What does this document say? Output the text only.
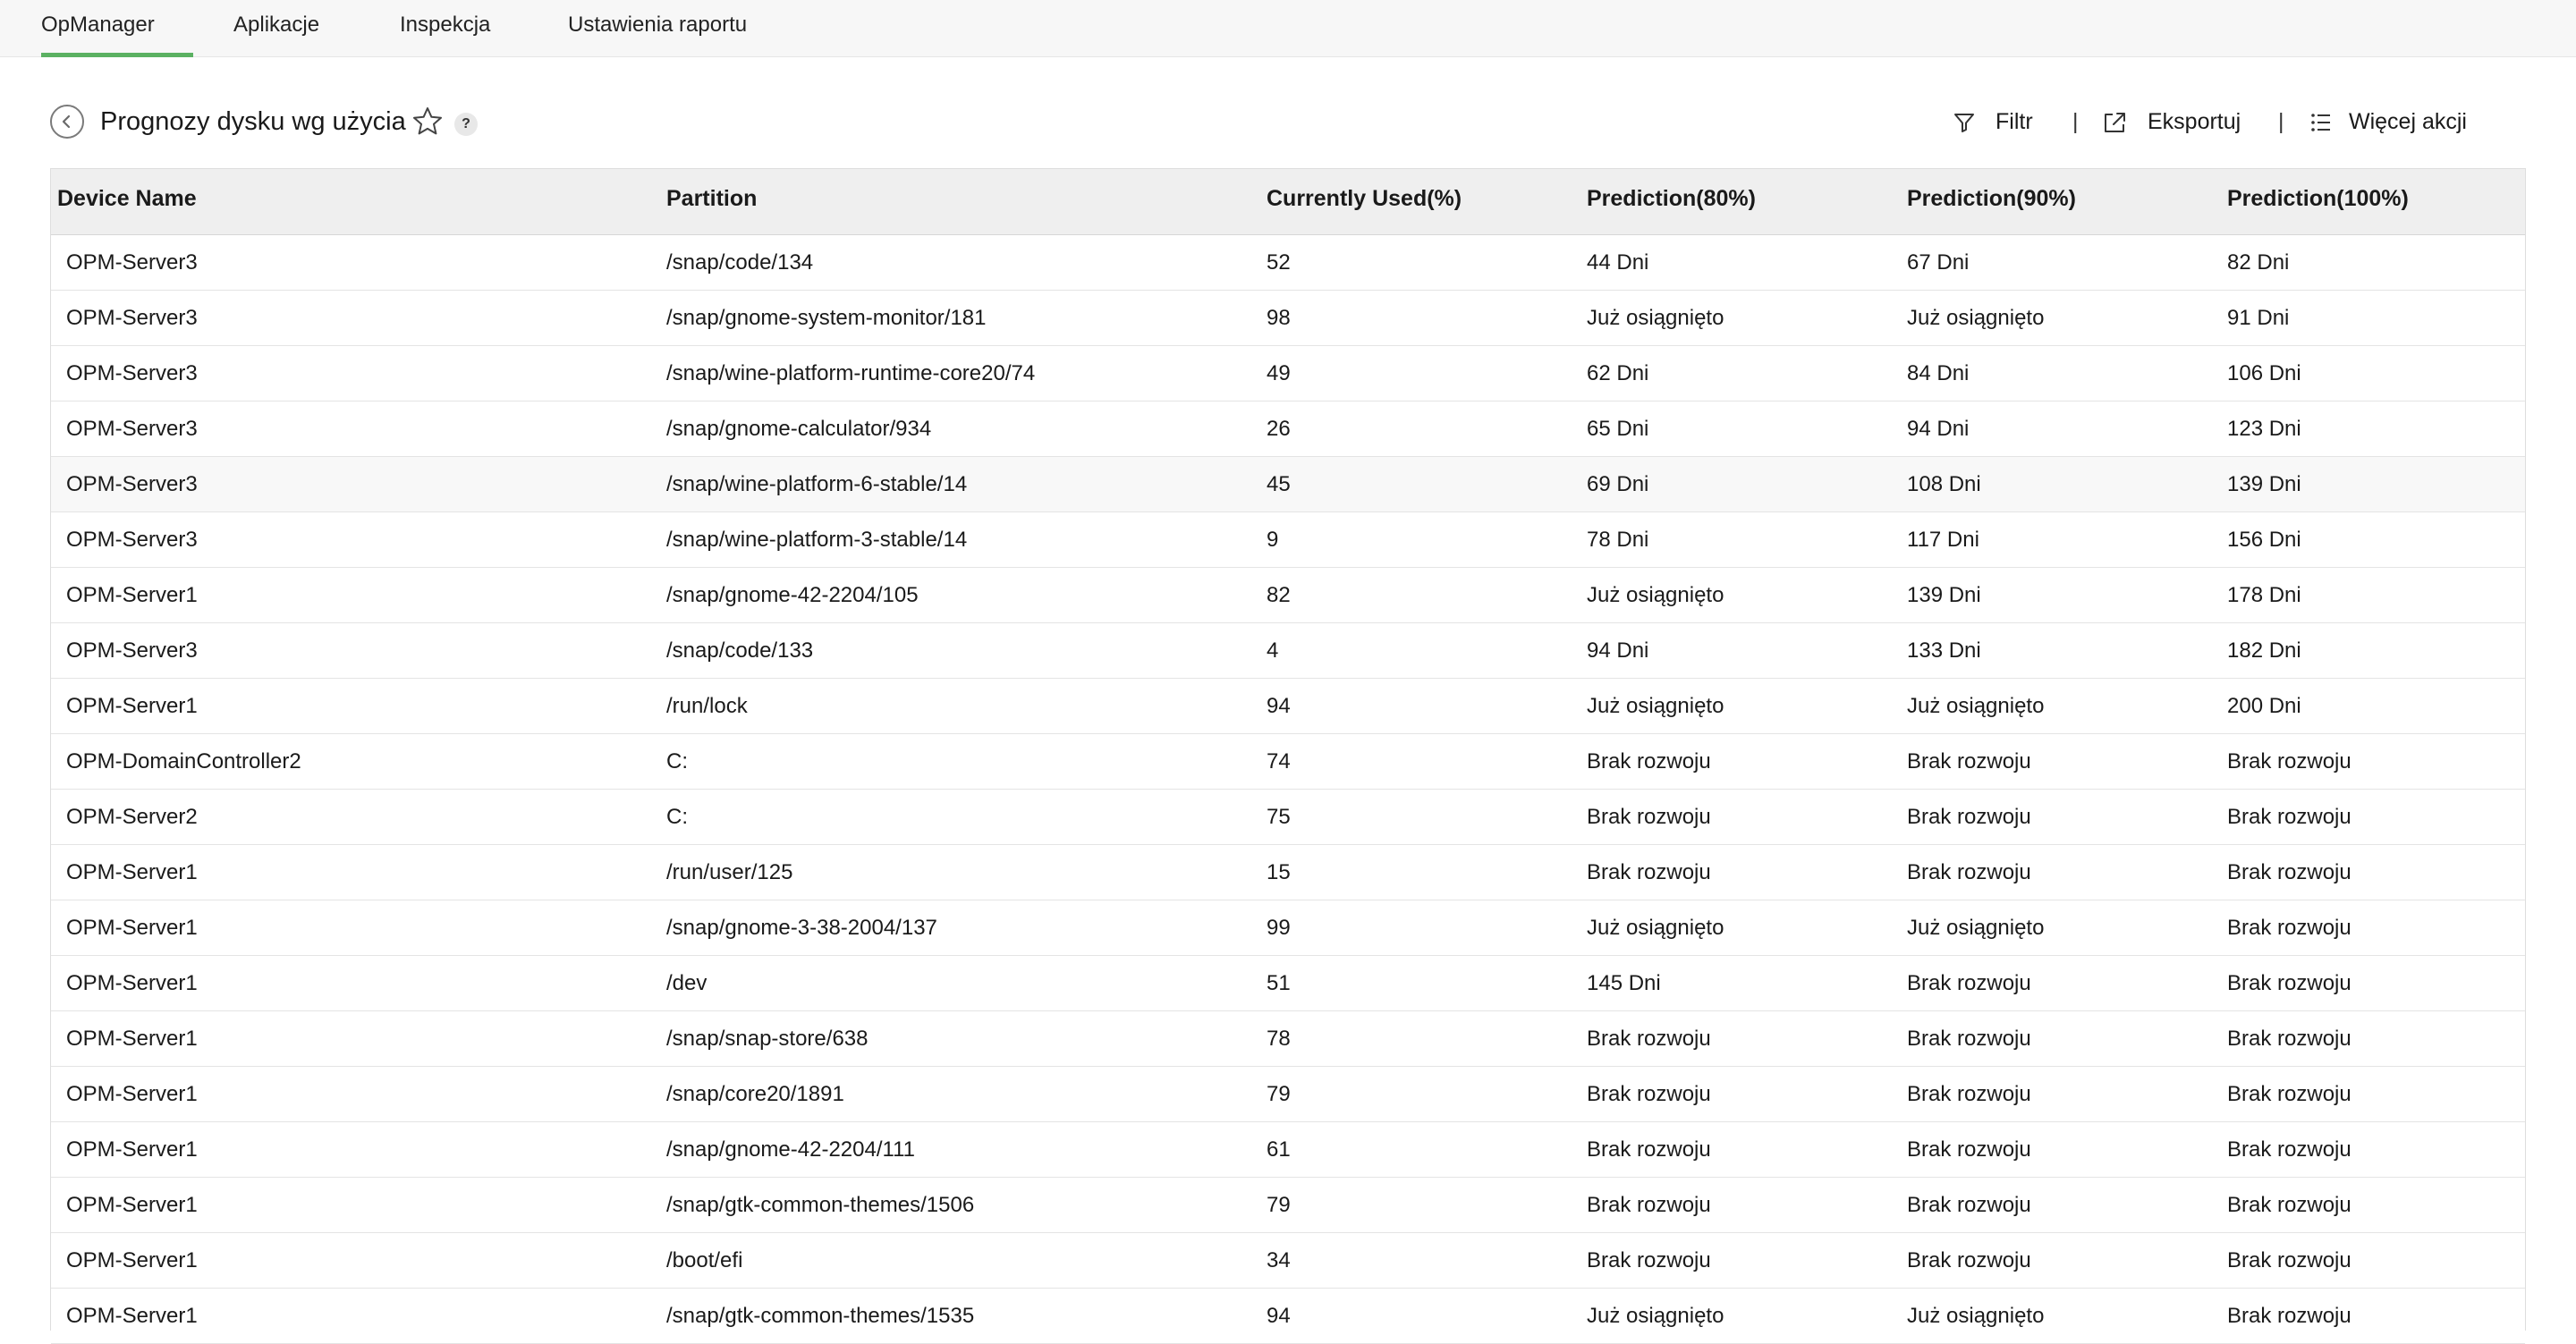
OpManager	Aplikacje	Inspekcja	Ustawienia raportu
Prognozy dysku wg użycia	?	Filtr |	Eksportuj |	Więcej akcji
Device Name	Partition	Currently Used(%)	Prediction(80%)	Prediction(90%)	Prediction(100%)
OPM-Server3	/snap/code/134	52	44 Dni	67 Dni	82 Dni
OPM-Server3	/snap/gnome-system-monitor/181	98	Już osiągnięto	Już osiągnięto	91 Dni
OPM-Server3	/snap/wine-platform-runtime-core20/74	49	62 Dni	84 Dni	106 Dni
OPM-Server3	/snap/gnome-calculator/934	26	65 Dni	94 Dni	123 Dni
OPM-Server3	/snap/wine-platform-6-stable/14	45	69 Dni	108 Dni	139 Dni
OPM-Server3	/snap/wine-platform-3-stable/14	9	78 Dni	117 Dni	156 Dni
OPM-Server1	/snap/gnome-42-2204/105	82	Już osiągnięto	139 Dni	178 Dni
OPM-Server3	/snap/code/133	4	94 Dni	133 Dni	182 Dni
OPM-Server1	/run/lock	94	Już osiągnięto	Już osiągnięto	200 Dni
OPM-DomainController2	C:	74	Brak rozwoju	Brak rozwoju	Brak rozwoju
OPM-Server2	C:	75	Brak rozwoju	Brak rozwoju	Brak rozwoju
OPM-Server1	/run/user/125	15	Brak rozwoju	Brak rozwoju	Brak rozwoju
OPM-Server1	/snap/gnome-3-38-2004/137	99	Już osiągnięto	Już osiągnięto	Brak rozwoju
OPM-Server1	/dev	51	145 Dni	Brak rozwoju	Brak rozwoju
OPM-Server1	/snap/snap-store/638	78	Brak rozwoju	Brak rozwoju	Brak rozwoju
OPM-Server1	/snap/core20/1891	79	Brak rozwoju	Brak rozwoju	Brak rozwoju
OPM-Server1	/snap/gnome-42-2204/111	61	Brak rozwoju	Brak rozwoju	Brak rozwoju
OPM-Server1	/snap/gtk-common-themes/1506	79	Brak rozwoju	Brak rozwoju	Brak rozwoju
OPM-Server1	/boot/efi	34	Brak rozwoju	Brak rozwoju	Brak rozwoju
OPM-Server1	/snap/gtk-common-themes/1535	94	Już osiągnięto	Już osiągnięto	Brak rozwoju
